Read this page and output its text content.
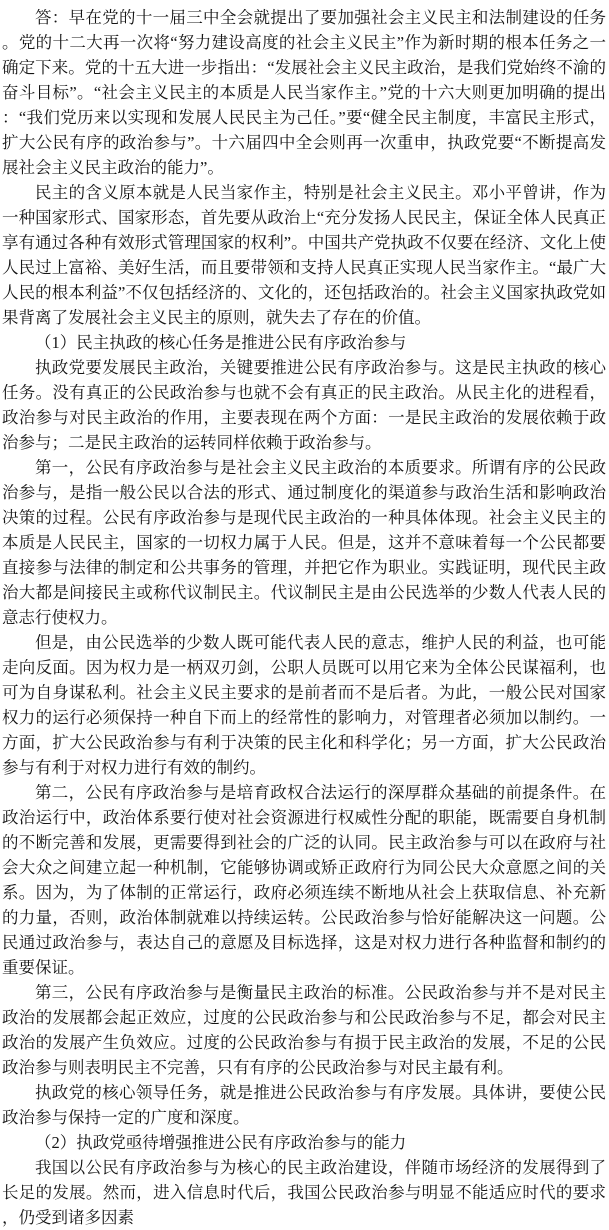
答：早在党的十一届三中全会就提出了要加强社会主义民主和法制建设的任务。党的十二大再一次将“努力建设高度的社会主义民主”作为新时期的根本任务之一确定下来。党的十五大进一步指出：“发展社会主义民主政治，是我们党始终不渝的奋斗目标”。“社会主义民主的本质是人民当家作主。”党的十六大则更加明确的提出：“我们党历来以实现和发展人民民主为己任。”要“健全民主制度，丰富民主形式，扩大公民有序的政治参与”。十六届四中全会则再一次重申，执政党要“不断提高发展社会主义民主政治的能力”。

民主的含义原本就是人民当家作主，特别是社会主义民主。邓小平曾讲，作为一种国家形式、国家形态，首先要从政治上“充分发扬人民民主，保证全体人民真正享有通过各种有效形式管理国家的权利”。中国共产党执政不仅要在经济、文化上使人民过上富裕、美好生活，而且要带领和支持人民真正实现人民当家作主。“最广大人民的根本利益”不仅包括经济的、文化的，还包括政治的。社会主义国家执政党如果背离了发展社会主义民主的原则，就失去了存在的价值。

（1）民主执政的核心任务是推进公民有序政治参与

执政党要发展民主政治，关键要推进公民有序政治参与。这是民主执政的核心任务。没有真正的公民政治参与也就不会有真正的民主政治。从民主化的进程看，政治参与对民主政治的作用，主要表现在两个方面：一是民主政治的发展依赖于政治参与；二是民主政治的运转同样依赖于政治参与。

第一，公民有序政治参与是社会主义民主政治的本质要求。所谓有序的公民政治参与，是指一般公民以合法的形式、通过制度化的渠道参与政治生活和影响政治决策的过程。公民有序政治参与是现代民主政治的一种具体体现。社会主义民主的本质是人民民主，国家的一切权力属于人民。但是，这并不意味着每一个公民都要直接参与法律的制定和公共事务的管理，并把它作为职业。实践证明，现代民主政治大都是间接民主或称代议制民主。代议制民主是由公民选举的少数人代表人民的意志行使权力。

但是，由公民选举的少数人既可能代表人民的意志，维护人民的利益，也可能走向反面。因为权力是一柄双刃剑，公职人员既可以用它来为全体公民谋福利，也可为自身谋私利。社会主义民主要求的是前者而不是后者。为此，一般公民对国家权力的运行必须保持一种自下而上的经常性的影响力，对管理者必须加以制约。一方面，扩大公民政治参与有利于决策的民主化和科学化；另一方面，扩大公民政治参与有利于对权力进行有效的制约。

第二，公民有序政治参与是培育政权合法运行的深厚群众基础的前提条件。在政治运行中，政治体系要行使对社会资源进行权威性分配的职能，既需要自身机制的不断完善和发展，更需要得到社会的广泛的认同。民主政治参与可以在政府与社会大众之间建立起一种机制，它能够协调或矫正政府行为同公民大众意愿之间的关系。因为，为了体制的正常运行，政府必须连续不断地从社会上获取信息、补充新的力量，否则，政治体制就难以持续运转。公民政治参与恰好能解决这一问题。公民通过政治参与，表达自己的意愿及目标选择，这是对权力进行各种监督和制约的重要保证。

第三，公民有序政治参与是衡量民主政治的标准。公民政治参与并不是对民主政治的发展都会起正效应，过度的公民政治参与和公民政治参与不足，都会对民主政治的发展产生负效应。过度的公民政治参与有损于民主政治的发展，不足的公民政治参与则表明民主不完善，只有有序的公民政治参与对民主最有利。

执政党的核心领导任务，就是推进公民政治参与有序发展。具体讲，要使公民政治参与保持一定的广度和深度。

（2）执政党亟待增强推进公民有序政治参与的能力

我国以公民有序政治参与为核心的民主政治建设，伴随市场经济的发展得到了长足的发展。然而，进入信息时代后，我国公民政治参与明显不能适应时代的要求，仍受到诸多因素
